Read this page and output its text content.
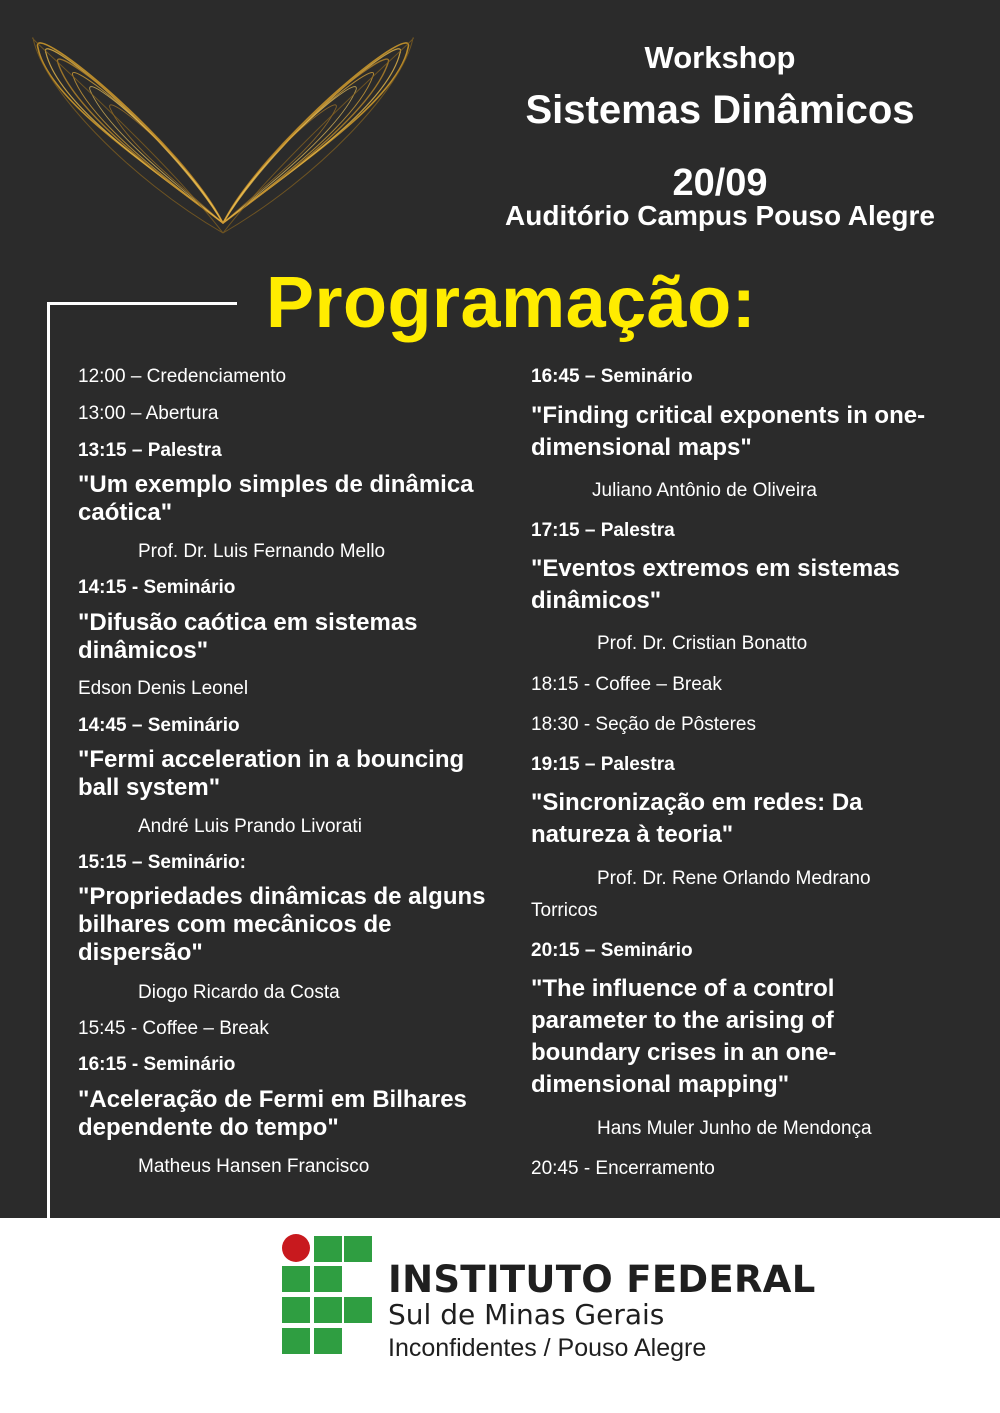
Workshop
Sistemas Dinâmicos
20/09
Auditório Campus Pouso Alegre
Programação:
12:00 – Credenciamento
13:00 – Abertura
13:15 – Palestra
"Um exemplo simples de dinâmica caótica"
Prof. Dr. Luis Fernando Mello
14:15 - Seminário
"Difusão caótica em sistemas dinâmicos"
Edson Denis Leonel
14:45 – Seminário
"Fermi acceleration in a bouncing ball system"
André Luis Prando Livorati
15:15 – Seminário:
"Propriedades dinâmicas de alguns bilhares com mecânicos de dispersão"
Diogo Ricardo da Costa
15:45 - Coffee – Break
16:15 - Seminário
"Aceleração de Fermi em Bilhares dependente do tempo"
Matheus Hansen Francisco
16:45 – Seminário
"Finding critical exponents in one-dimensional maps"
Juliano Antônio de Oliveira
17:15 – Palestra
"Eventos extremos em sistemas dinâmicos"
Prof. Dr. Cristian Bonatto
18:15 - Coffee – Break
18:30 - Seção de Pôsteres
19:15 – Palestra
"Sincronização em redes: Da natureza à teoria"
Prof. Dr. Rene Orlando Medrano
Torricos
20:15 – Seminário
"The influence of a control parameter to the arising of boundary crises in an one-dimensional mapping"
Hans Muler Junho de Mendonça
20:45 - Encerramento
INSTITUTO FEDERAL
Sul de Minas Gerais
Inconfidentes / Pouso Alegre
